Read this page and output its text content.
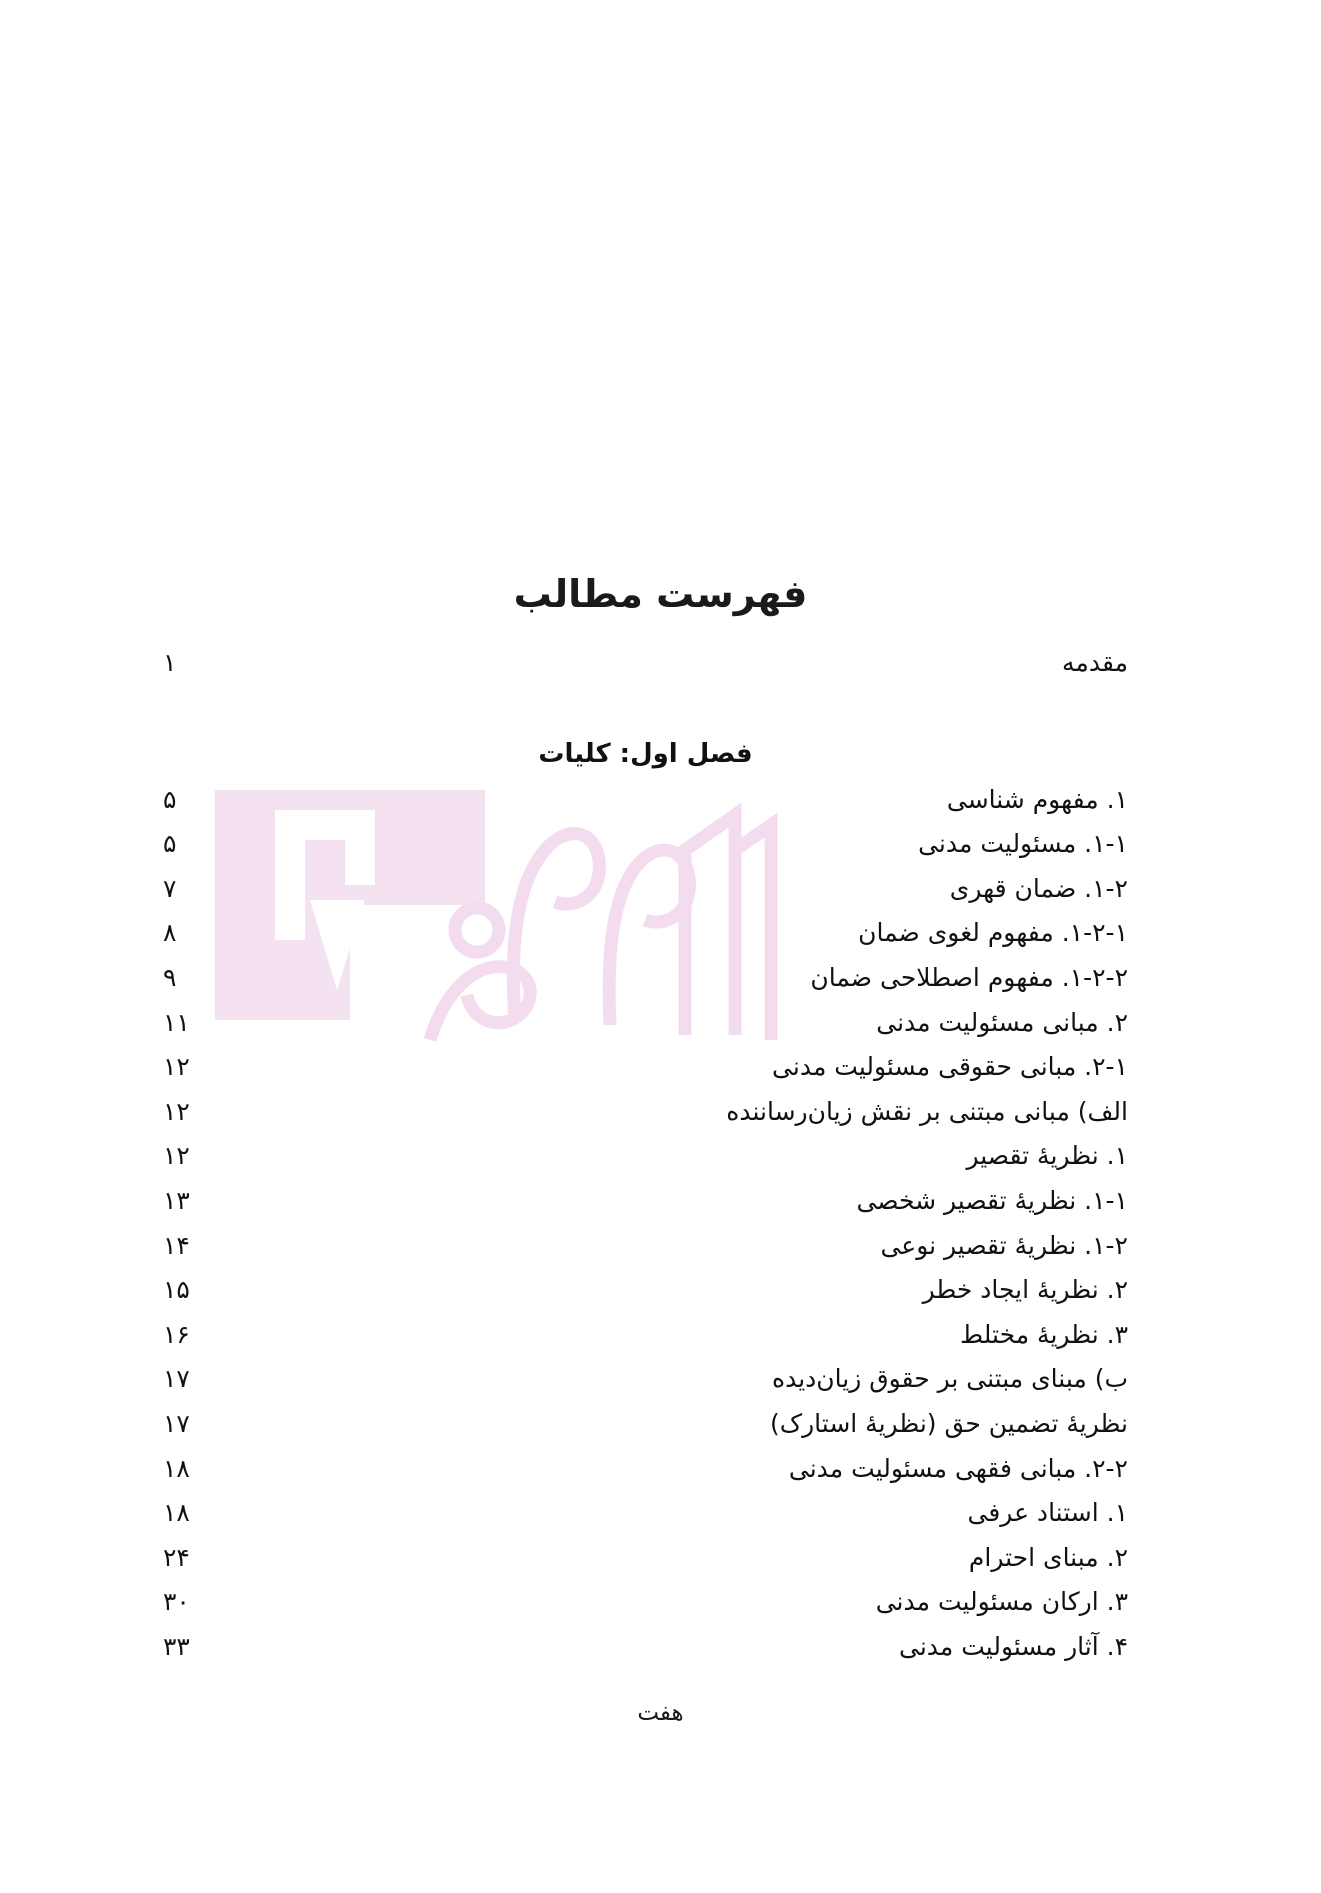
فهرست مطالب
مقدمه
۱
فصل اول: کلیات
۱. مفهوم شناسی
۵
۱-۱. مسئولیت مدنی
۵
۱-۲. ضمان قهری
۷
۱-۲-۱. مفهوم لغوی ضمان
۸
۱-۲-۲. مفهوم اصطلاحی ضمان
۹
۲. مبانی مسئولیت مدنی
۱۱
۲-۱. مبانی حقوقی مسئولیت مدنی
۱۲
الف) مبانی مبتنی بر نقش زیان‌رساننده
۱۲
۱. نظریهٔ تقصیر
۱۲
۱-۱. نظریهٔ تقصیر شخصی
۱۳
۱-۲. نظریهٔ تقصیر نوعی
۱۴
۲. نظریهٔ ایجاد خطر
۱۵
۳. نظریهٔ مختلط
۱۶
ب) مبنای مبتنی بر حقوق زیان‌دیده
۱۷
نظریهٔ تضمین حق (نظریهٔ استارک)
۱۷
۲-۲. مبانی فقهی مسئولیت مدنی
۱۸
۱. استناد عرفی
۱۸
۲. مبنای احترام
۲۴
۳. ارکان مسئولیت مدنی
۳۰
۴. آثار مسئولیت مدنی
۳۳
هفت
